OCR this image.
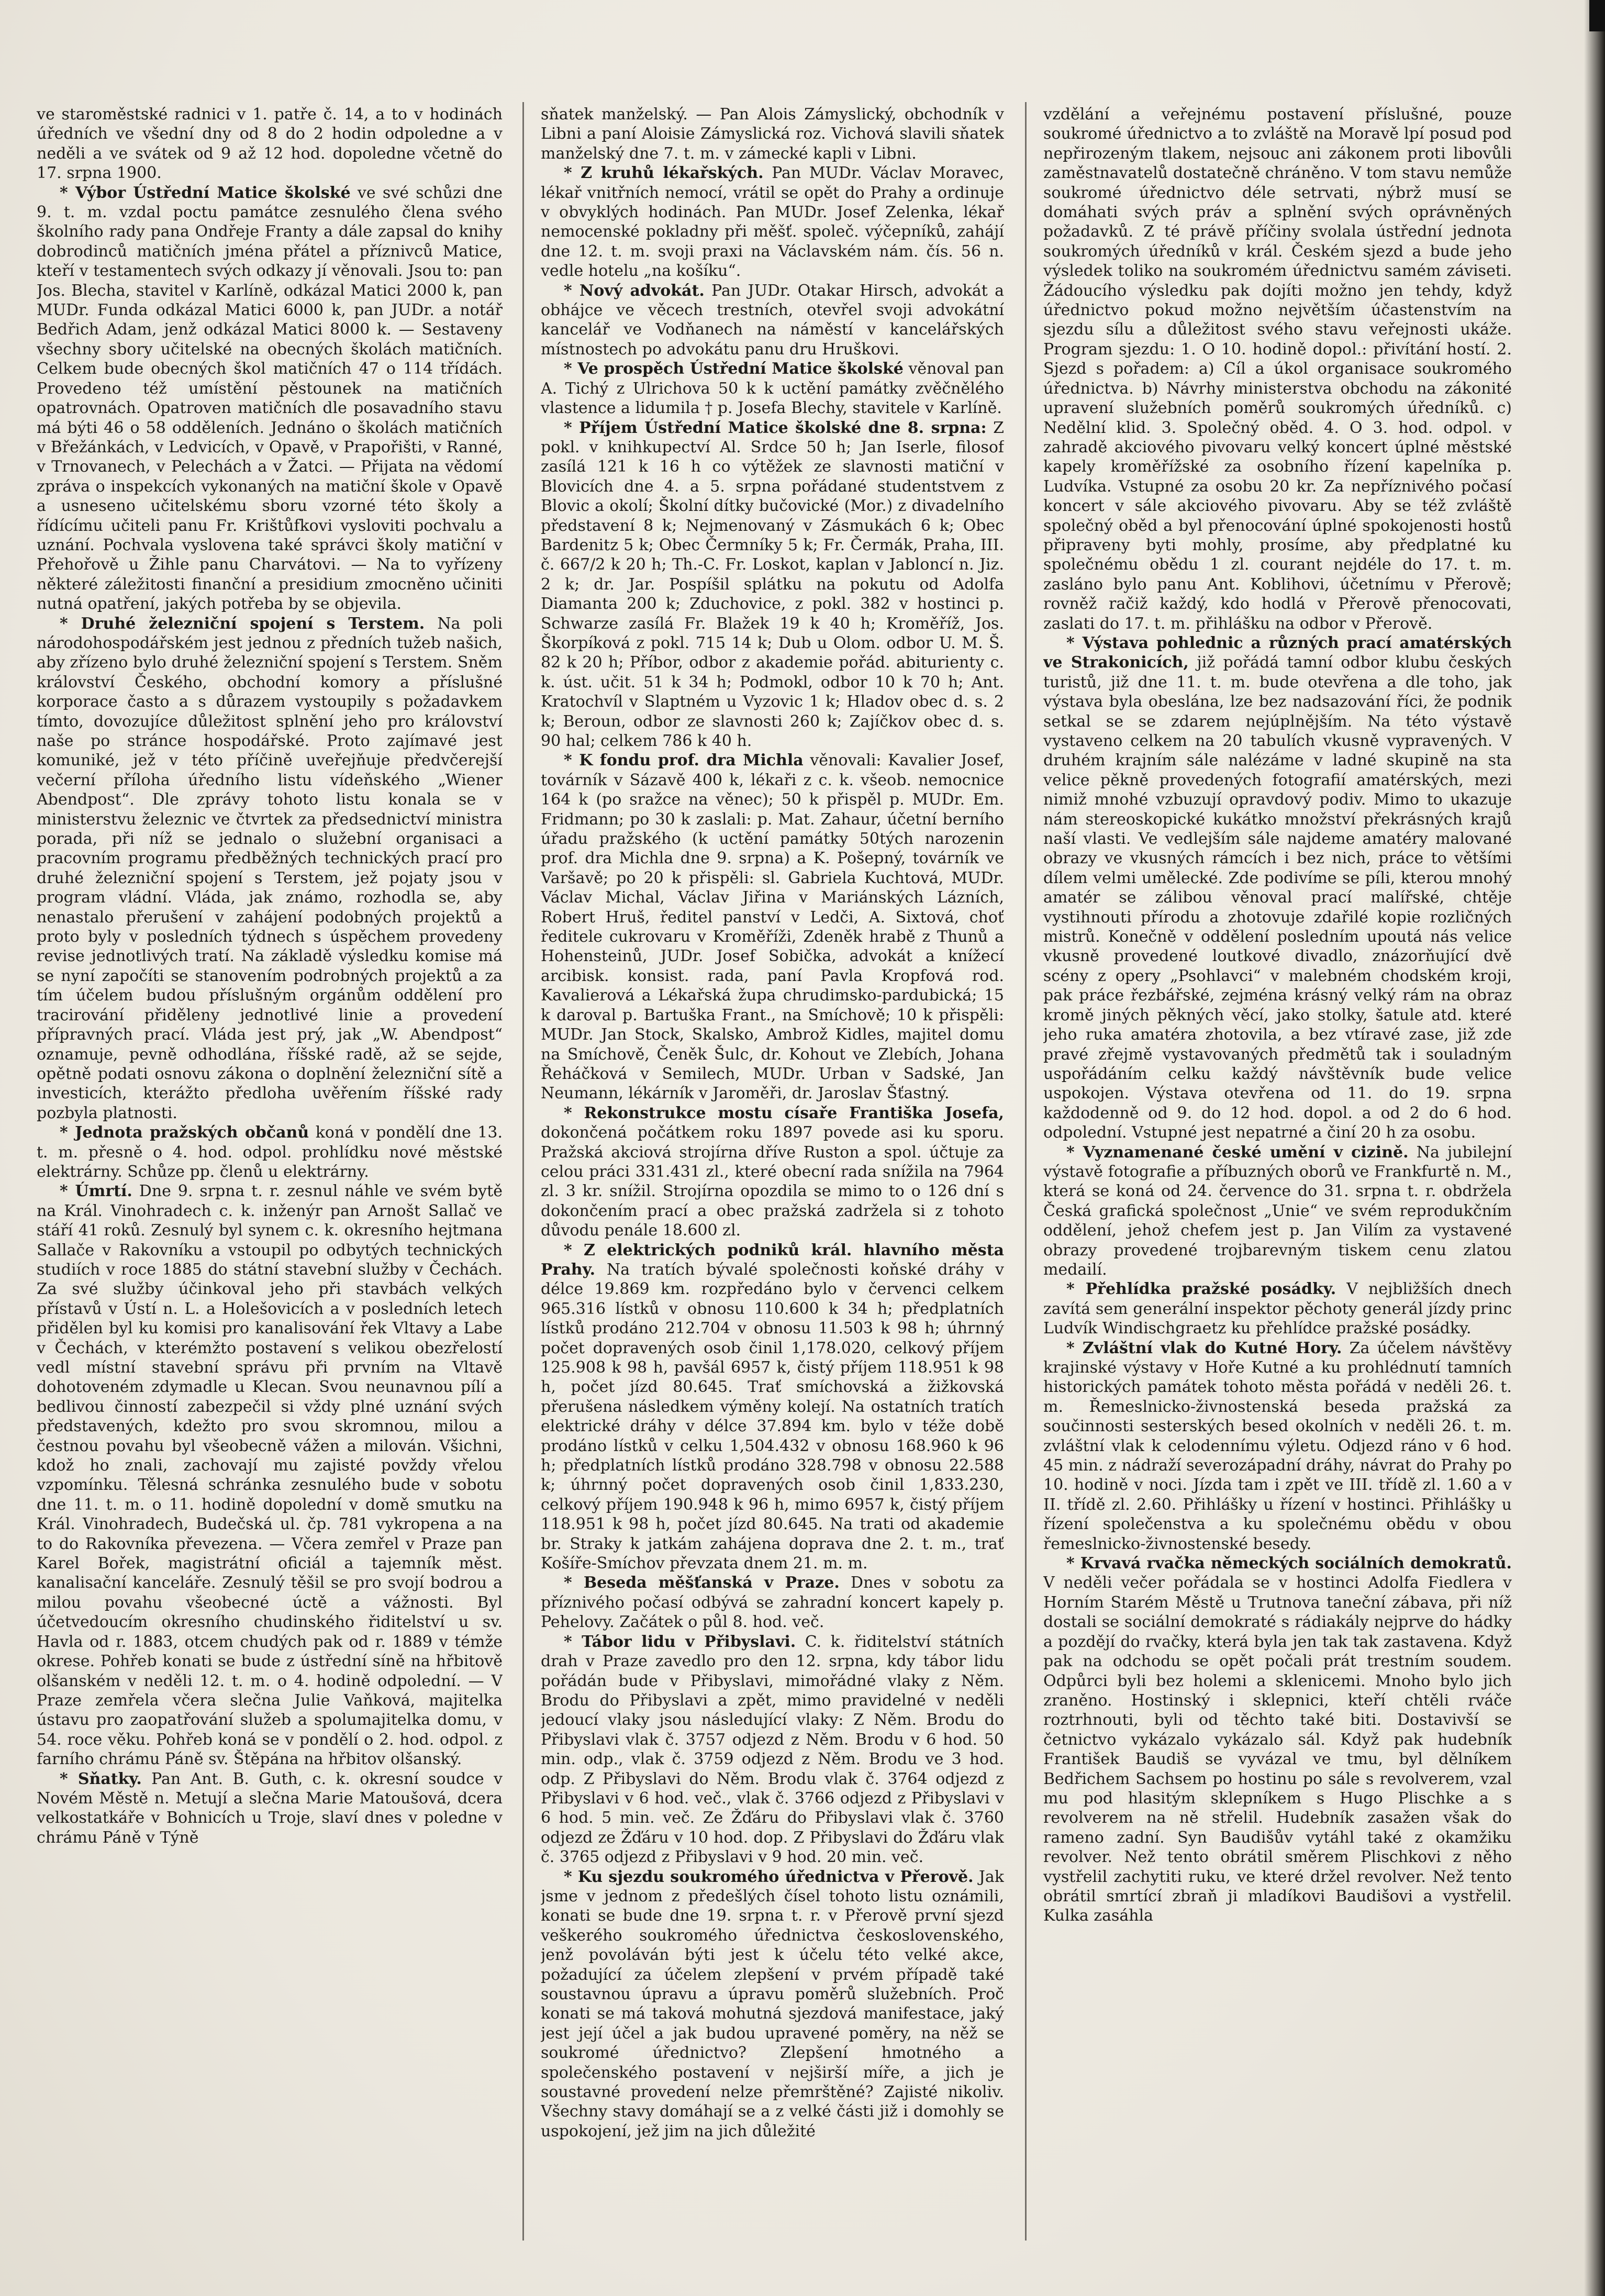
ve staroměstské radnici v 1. patře č. 14, a to v hodinách úředních ve všední dny od 8 do 2 hodin odpoledne a v neděli a ve svátek od 9 až 12 hod. dopoledne včetně do 17. srpna 1900.

* Výbor Ústřední Matice školské ve své schůzi dne 9. t. m. vzdal poctu památce zesnulého člena svého školního rady pana Ondřeje Franty a dále zapsal do knihy dobrodinců matičních jména přátel a příznivců Matice, kteří v testamentech svých odkazy jí věnovali. Jsou to: pan Jos. Blecha, stavitel v Karlíně, odkázal Matici 2000 k, pan MUDr. Funda odkázal Matici 6000 k, pan JUDr. a notář Bedřich Adam, jenž odkázal Matici 8000 k. — Sestaveny všechny sbory učitelské na obecných školách matičních. Celkem bude obecných škol matičních 47 o 114 třídách. Provedeno též umístění pěstounek na matičních opatrovnách. Opatroven matičních dle posavadního stavu má býti 46 o 58 odděleních. Jednáno o školách matičních v Břežánkách, v Ledvicích, v Opavě, v Prapořišti, v Ranné, v Trnovanech, v Pelechách a v Žatci. — Přijata na vědomí zpráva o inspekcích vykonaných na matiční škole v Opavě a usneseno učitelskému sboru vzorné této školy a řídícímu učiteli panu Fr. Krištůfkovi vysloviti pochvalu a uznání. Pochvala vyslovena také správci školy matiční v Přehořově u Žihle panu Charvátovi. — Na to vyřízeny některé záležitosti finanční a presidium zmocněno učiniti nutná opatření, jakých potřeba by se objevila.

* Druhé železniční spojení s Terstem. Na poli národohospodářském jest jednou z předních tužeb našich, aby zřízeno bylo druhé železniční spojení s Terstem. Sněm království Českého, obchodní komory a příslušné korporace často a s důrazem vystoupily s požadavkem tímto, dovozujíce důležitost splnění jeho pro království naše po stránce hospodářské. Proto zajímavé jest komuniké, jež v této příčině uveřejňuje předvčerejší večerní příloha úředního listu vídeňského „Wiener Abendpost“. Dle zprávy tohoto listu konala se v ministerstvu železnic ve čtvrtek za předsednictví ministra porada, při níž se jednalo o služební organisaci a pracovním programu předběžných technických prací pro druhé železniční spojení s Terstem, jež pojaty jsou v program vládní. Vláda, jak známo, rozhodla se, aby nenastalo přerušení v zahájení podobných projektů a proto byly v posledních týdnech s úspěchem provedeny revise jednotlivých tratí. Na základě výsledku komise má se nyní započíti se stanovením podrobných projektů a za tím účelem budou příslušným orgánům oddělení pro tracirování přiděleny jednotlivé linie a provedení přípravných prací. Vláda jest prý, jak „W. Abendpost“ oznamuje, pevně odhodlána, říšské radě, až se sejde, opětně podati osnovu zákona o doplnění železniční sítě a investicích, kterážto předloha uvěřením říšské rady pozbyla platnosti.

* Jednota pražských občanů koná v pondělí dne 13. t. m. přesně o 4. hod. odpol. prohlídku nové městské elektrárny. Schůze pp. členů u elektrárny.

* Úmrtí. Dne 9. srpna t. r. zesnul náhle ve svém bytě na Král. Vinohradech c. k. inženýr pan Arnošt Sallač ve stáří 41 roků. Zesnulý byl synem c. k. okresního hejtmana Sallače v Rakovníku a vstoupil po odbytých technických studiích v roce 1885 do státní stavební služby v Čechách. Za své služby účinkoval jeho při stavbách velkých přístavů v Ústí n. L. a Holešovicích a v posledních letech přidělen byl ku komisi pro kanalisování řek Vltavy a Labe v Čechách, v kterémžto postavení s velikou obezřelostí vedl místní stavební správu při prvním na Vltavě dohotoveném zdymadle u Klecan. Svou neunavnou pílí a bedlivou činností zabezpečil si vždy plné uznání svých představených, kdežto pro svou skromnou, milou a čestnou povahu byl všeobecně vážen a milován. Všichni, kdož ho znali, zachovají mu zajisté povždy vřelou vzpomínku. Tělesná schránka zesnulého bude v sobotu dne 11. t. m. o 11. hodině dopolední v domě smutku na Král. Vinohradech, Budečská ul. čp. 781 vykropena a na to do Rakovníka převezena. — Včera zemřel v Praze pan Karel Bořek, magistrátní oficiál a tajemník měst. kanalisační kanceláře. Zesnulý těšil se pro svojí bodrou a milou povahu všeobecné úctě a vážnosti. Byl účetvedoucím okresního chudinského řiditelství u sv. Havla od r. 1883, otcem chudých pak od r. 1889 v témže okrese. Pohřeb konati se bude z ústřední síně na hřbitově olšanském v neděli 12. t. m. o 4. hodině odpolední. — V Praze zemřela včera slečna Julie Vaňková, majitelka ústavu pro zaopatřování služeb a spolumajitelka domu, v 54. roce věku. Pohřeb koná se v pondělí o 2. hod. odpol. z farního chrámu Páně sv. Štěpána na hřbitov olšanský.

* Sňatky. Pan Ant. B. Guth, c. k. okresní soudce v Novém Městě n. Metují a slečna Marie Matoušová, dcera velkostatkáře v Bohnicích u Troje, slaví dnes v poledne v chrámu Páně v Týně

sňatek manželský. — Pan Alois Zámyslický, obchodník v Libni a paní Aloisie Zámyslická roz. Vichová slavili sňatek manželský dne 7. t. m. v zámecké kapli v Libni.

* Z kruhů lékařských. Pan MUDr. Václav Moravec, lékař vnitřních nemocí, vrátil se opět do Prahy a ordinuje v obvyklých hodinách. Pan MUDr. Josef Zelenka, lékař nemocenské pokladny při měšť. společ. výčepníků, zahájí dne 12. t. m. svoji praxi na Václavském nám. čís. 56 n. vedle hotelu „na košíku“.

* Nový advokát. Pan JUDr. Otakar Hirsch, advokát a obhájce ve věcech trestních, otevřel svoji advokátní kancelář ve Vodňanech na náměstí v kancelářských místnostech po advokátu panu dru Hruškovi.

* Ve prospěch Ústřední Matice školské věnoval pan A. Tichý z Ulrichova 50 k k uctění památky zvěčnělého vlastence a lidumila † p. Josefa Blechy, stavitele v Karlíně.

* Příjem Ústřední Matice školské dne 8. srpna: Z pokl. v knihkupectví Al. Srdce 50 h; Jan Iserle, filosof zasílá 121 k 16 h co výtěžek ze slavnosti matiční v Blovicích dne 4. a 5. srpna pořádané studentstvem z Blovic a okolí; Školní dítky bučovické (Mor.) z divadelního představení 8 k; Nejmenovaný v Zásmukách 6 k; Obec Bardenitz 5 k; Obec Čermníky 5 k; Fr. Čermák, Praha, III. č. 667/2 k 20 h; Th.-C. Fr. Loskot, kaplan v Jabloncí n. Jiz. 2 k; dr. Jar. Pospíšil splátku na pokutu od Adolfa Diamanta 200 k; Zduchovice, z pokl. 382 v hostinci p. Schwarze zasílá Fr. Blažek 19 k 40 h; Kroměříž, Jos. Škorpíková z pokl. 715 14 k; Dub u Olom. odbor U. M. Š. 82 k 20 h; Příbor, odbor z akademie pořád. abiturienty c. k. úst. učit. 51 k 34 h; Podmokl, odbor 10 k 70 h; Ant. Kratochvíl v Slaptném u Vyzovic 1 k; Hladov obec d. s. 2 k; Beroun, odbor ze slavnosti 260 k; Zajíčkov obec d. s. 90 hal; celkem 786 k 40 h.

* K fondu prof. dra Michla věnovali: Kavalier Josef, továrník v Sázavě 400 k, lékaři z c. k. všeob. nemocnice 164 k (po sražce na věnec); 50 k přispěl p. MUDr. Em. Fridmann; po 30 k zaslali: p. Mat. Zahaur, účetní berního úřadu pražského (k uctění památky 50tých narozenin prof. dra Michla dne 9. srpna) a K. Pošepný, továrník ve Varšavě; po 20 k přispěli: sl. Gabriela Kuchtová, MUDr. Václav Michal, Václav Jiřina v Mariánských Lázních, Robert Hruš, ředitel panství v Ledči, A. Sixtová, choť ředitele cukrovaru v Kroměříži, Zdeněk hrabě z Thunů a Hohensteinů, JUDr. Josef Sobička, advokát a knížecí arcibisk. konsist. rada, paní Pavla Kropfová rod. Kavalierová a Lékařská župa chrudimsko-pardubická; 15 k daroval p. Bartuška Frant., na Smíchově; 10 k přispěli: MUDr. Jan Stock, Skalsko, Ambrož Kidles, majitel domu na Smíchově, Čeněk Šulc, dr. Kohout ve Zlebích, Johana Řeháčková v Semilech, MUDr. Urban v Sadské, Jan Neumann, lékárník v Jaroměři, dr. Jaroslav Šťastný.

* Rekonstrukce mostu císaře Františka Josefa, dokončená počátkem roku 1897 povede asi ku sporu. Pražská akciová strojírna dříve Ruston a spol. účtuje za celou práci 331.431 zl., které obecní rada snížila na 7964 zl. 3 kr. snížil. Strojírna opozdila se mimo to o 126 dní s dokončením prací a obec pražská zadržela si z tohoto důvodu penále 18.600 zl.

* Z elektrických podniků král. hlavního města Prahy. Na tratích bývalé společnosti koňské dráhy v délce 19.869 km. rozpředáno bylo v červenci celkem 965.316 lístků v obnosu 110.600 k 34 h; předplatních lístků prodáno 212.704 v obnosu 11.503 k 98 h; úhrnný počet dopravených osob činil 1,178.020, celkový příjem 125.908 k 98 h, pavšál 6957 k, čistý příjem 118.951 k 98 h, počet jízd 80.645. Trať smíchovská a žižkovská přerušena následkem výměny kolejí. Na ostatních tratích elektrické dráhy v délce 37.894 km. bylo v téže době prodáno lístků v celku 1,504.432 v obnosu 168.960 k 96 h; předplatních lístků prodáno 328.798 v obnosu 22.588 k; úhrnný počet dopravených osob činil 1,833.230, celkový příjem 190.948 k 96 h, mimo 6957 k, čistý příjem 118.951 k 98 h, počet jízd 80.645. Na trati od akademie br. Straky k jatkám zahájena doprava dne 2. t. m., trať Košíře-Smíchov převzata dnem 21. m. m.

* Beseda měšťanská v Praze. Dnes v sobotu za příznivého počasí odbývá se zahradní koncert kapely p. Pehelovy. Začátek o půl 8. hod. več.

* Tábor lidu v Přibyslavi. C. k. řiditelství státních drah v Praze zavedlo pro den 12. srpna, kdy tábor lidu pořádán bude v Přibyslavi, mimořádné vlaky z Něm. Brodu do Přibyslavi a zpět, mimo pravidelné v neděli jedoucí vlaky jsou následující vlaky: Z Něm. Brodu do Přibyslavi vlak č. 3757 odjezd z Něm. Brodu v 6 hod. 50 min. odp., vlak č. 3759 odjezd z Něm. Brodu ve 3 hod. odp. Z Přibyslavi do Něm. Brodu vlak č. 3764 odjezd z Přibyslavi v 6 hod. več., vlak č. 3766 odjezd z Přibyslavi v 6 hod. 5 min. več. Ze Žďáru do Přibyslavi vlak č. 3760 odjezd ze Žďáru v 10 hod. dop. Z Přibyslavi do Žďáru vlak č. 3765 odjezd z Přibyslavi v 9 hod. 20 min. več.

* Ku sjezdu soukromého úřednictva v Přerově. Jak jsme v jednom z předešlých čísel tohoto listu oznámili, konati se bude dne 19. srpna t. r. v Přerově první sjezd veškerého soukromého úřednictva československého, jenž povoláván býti jest k účelu této velké akce, požadující za účelem zlepšení v prvém případě také soustavnou úpravu a úpravu poměrů služebních. Proč konati se má taková mohutná sjezdová manifestace, jaký jest její účel a jak budou upravené poměry, na něž se soukromé úřednictvo? Zlepšení hmotného a společenského postavení v nejširší míře, a jich je soustavné provedení nelze přemrštěné? Zajisté nikoliv. Všechny stavy domáhají se a z velké části již i domohly se uspokojení, jež jim na jich důležité

vzdělání a veřejnému postavení příslušné, pouze soukromé úřednictvo a to zvláště na Moravě lpí posud pod nepřirozeným tlakem, nejsouc ani zákonem proti libovůli zaměstnavatelů dostatečně chráněno. V tom stavu nemůže soukromé úřednictvo déle setrvati, nýbrž musí se domáhati svých práv a splnění svých oprávněných požadavků. Z té právě příčiny svolala ústřední jednota soukromých úředníků v král. Českém sjezd a bude jeho výsledek toliko na soukromém úřednictvu samém záviseti. Žádoucího výsledku pak dojíti možno jen tehdy, když úřednictvo pokud možno největším účastenstvím na sjezdu sílu a důležitost svého stavu veřejnosti ukáže. Program sjezdu: 1. O 10. hodině dopol.: přivítání hostí. 2. Sjezd s pořadem: a) Cíl a úkol organisace soukromého úřednictva. b) Návrhy ministerstva obchodu na zákonité upravení služebních poměrů soukromých úředníků. c) Nedělní klid. 3. Společný oběd. 4. O 3. hod. odpol. v zahradě akciového pivovaru velký koncert úplné městské kapely kroměřížské za osobního řízení kapelníka p. Ludvíka. Vstupné za osobu 20 kr. Za nepříznivého počasí koncert v sále akciového pivovaru. Aby se též zvláště společný oběd a byl přenocování úplné spokojenosti hostů připraveny byti mohly, prosíme, aby předplatné ku společnému obědu 1 zl. courant nejdéle do 17. t. m. zasláno bylo panu Ant. Koblihovi, účetnímu v Přerově; rovněž račiž každý, kdo hodlá v Přerově přenocovati, zaslati do 17. t. m. přihlášku na odbor v Přerově.

* Výstava pohlednic a různých prací amatérských ve Strakonicích, již pořádá tamní odbor klubu českých turistů, již dne 11. t. m. bude otevřena a dle toho, jak výstava byla obeslána, lze bez nadsazování říci, že podnik setkal se se zdarem nejúplnějším. Na této výstavě vystaveno celkem na 20 tabulích vkusně vypravených. V druhém krajním sále nalézáme v ladné skupině na sta velice pěkně provedených fotografií amatérských, mezi nimiž mnohé vzbuzují opravdový podiv. Mimo to ukazuje nám stereoskopické kukátko množství překrásných krajů naší vlasti. Ve vedlejším sále najdeme amatéry malované obrazy ve vkusných rámcích i bez nich, práce to většími dílem velmi umělecké. Zde podivíme se píli, kterou mnohý amatér se zálibou věnoval prací malířské, chtěje vystihnouti přírodu a zhotovuje zdařilé kopie rozličných mistrů. Konečně v oddělení posledním upoutá nás velice vkusně provedené loutkové divadlo, znázorňující dvě scény z opery „Psohlavci“ v malebném chodském kroji, pak práce řezbářské, zejména krásný velký rám na obraz kromě jiných pěkných věcí, jako stolky, šatule atd. které jeho ruka amatéra zhotovila, a bez vtíravé zase, již zde pravé zřejmě vystavovaných předmětů tak i souladným uspořádáním celku každý návštěvník bude velice uspokojen. Výstava otevřena od 11. do 19. srpna každodenně od 9. do 12 hod. dopol. a od 2 do 6 hod. odpolední. Vstupné jest nepatrné a činí 20 h za osobu.

* Vyznamenané české umění v cizině. Na jubilejní výstavě fotografie a příbuzných oborů ve Frankfurtě n. M., která se koná od 24. července do 31. srpna t. r. obdržela Česká grafická společnost „Unie“ ve svém reprodukčním oddělení, jehož chefem jest p. Jan Vilím za vystavené obrazy provedené trojbarevným tiskem cenu zlatou medailí.

* Přehlídka pražské posádky. V nejbližších dnech zavítá sem generální inspektor pěchoty generál jízdy princ Ludvík Windischgraetz ku přehlídce pražské posádky.

* Zvláštní vlak do Kutné Hory. Za účelem návštěvy krajinské výstavy v Hoře Kutné a ku prohlédnutí tamních historických památek tohoto města pořádá v neděli 26. t. m. Řemeslnicko-živnostenská beseda pražská za součinnosti sesterských besed okolních v neděli 26. t. m. zvláštní vlak k celodennímu výletu. Odjezd ráno v 6 hod. 45 min. z nádraží severozápadní dráhy, návrat do Prahy po 10. hodině v noci. Jízda tam i zpět ve III. třídě zl. 1.60 a v II. třídě zl. 2.60. Přihlášky u řízení v hostinci. Přihlášky u řízení společenstva a ku společnému obědu v obou řemeslnicko-živnostenské besedy.

* Krvavá rvačka německých sociálních demokratů. V neděli večer pořádala se v hostinci Adolfa Fiedlera v Horním Starém Městě u Trutnova taneční zábava, při níž dostali se sociální demokraté s rádiakály nejprve do hádky a pozdějí do rvačky, která byla jen tak tak zastavena. Když pak na odchodu se opět počali prát trestním soudem. Odpůrci byli bez holemi a sklenicemi. Mnoho bylo jich zraněno. Hostinský i sklepnici, kteří chtěli rváče roztrhnouti, byli od těchto také biti. Dostavivší se četnictvo vykázalo vykázalo sál. Když pak hudebník František Baudiš se vyvázal ve tmu, byl dělníkem Bedřichem Sachsem po hostinu po sále s revolverem, vzal mu pod hlasitým sklepníkem s Hugo Plischke a s revolverem na ně střelil. Hudebník zasažen však do rameno zadní. Syn Baudišův vytáhl také z okamžiku revolver. Než tento obrátil směrem Plischkovi z něho vystřelil zachytiti ruku, ve které držel revolver. Než tento obrátil smrtící zbraň ji mladíkovi Baudišovi a vystřelil. Kulka zasáhla
